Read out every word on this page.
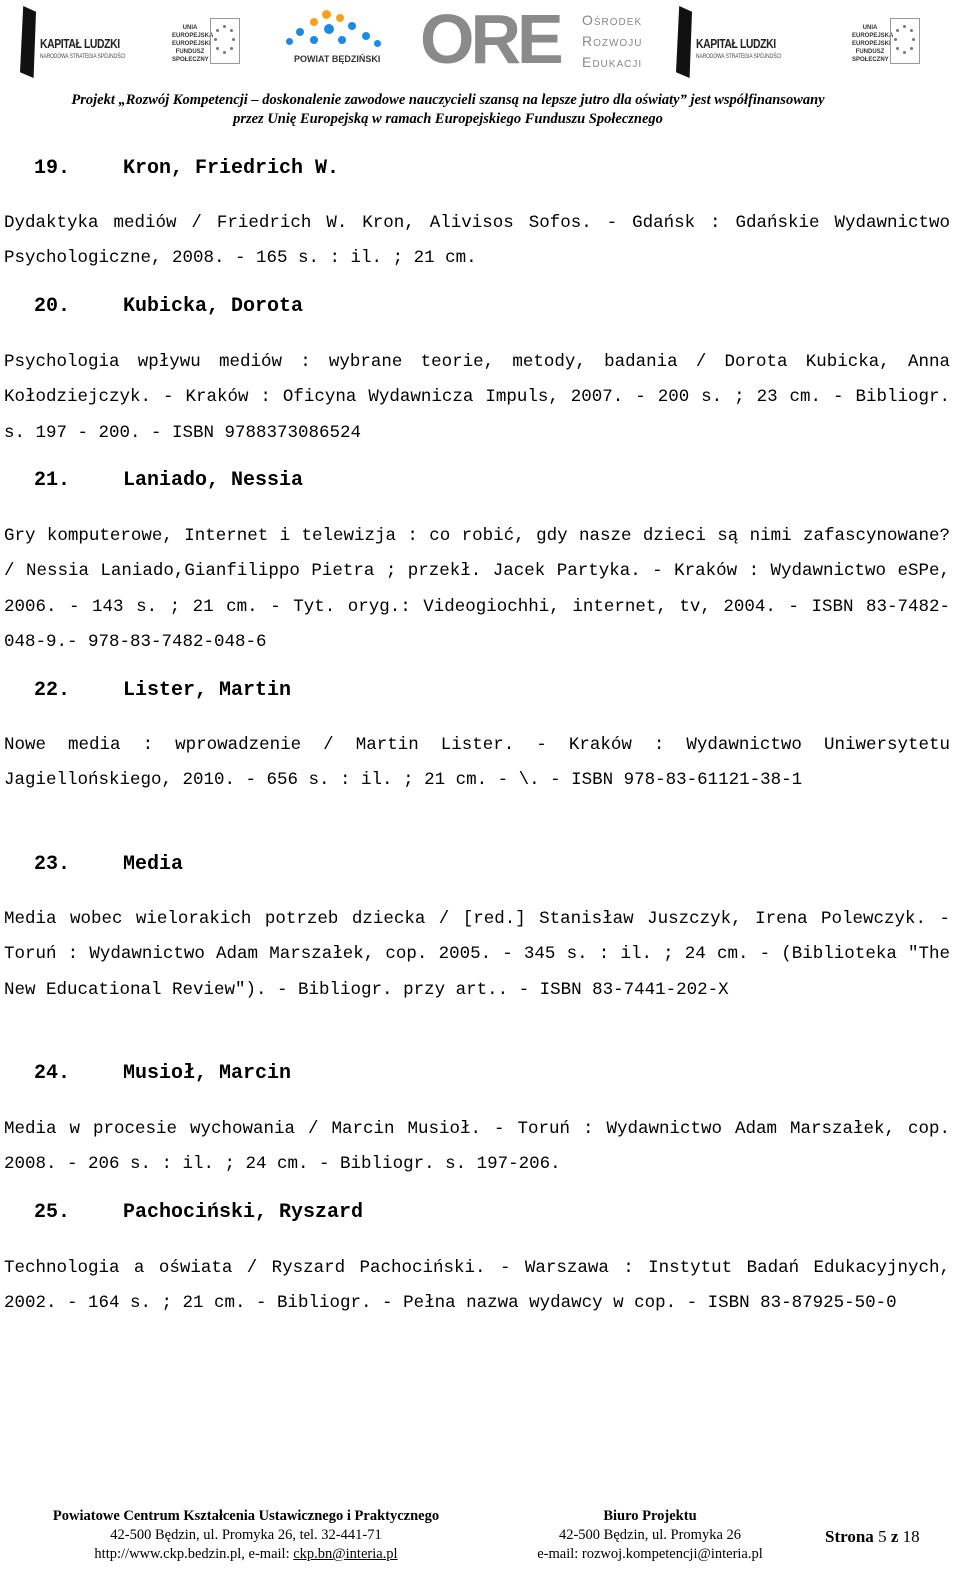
KAPITAŁ LUDZKI
NARODOWA STRATEGIA SPÓJNOŚCI
UNIA EUROPEJSKA EUROPEJSKI FUNDUSZ SPOŁECZNY	POWIAT BĘDZIŃSKI ORE Ośrodek
Rozwoju
Edukacji
KAPITAŁ LUDZKI
NARODOWA STRATEGIA SPÓJNOŚCI
UNIA EUROPEJSKA EUROPEJSKI FUNDUSZ SPOŁECZNY
Projekt „Rozwój Kompetencji – doskonalenie zawodowe nauczycieli szansą na lepsze jutro dla oświaty” jest współfinansowany
przez Unię Europejską w ramach Europejskiego Funduszu Społecznego
19.	Kron, Friedrich W.
Dydaktyka mediów / Friedrich W. Kron, Alivisos Sofos. - Gdańsk : Gdańskie Wydawnictwo Psychologiczne, 2008. - 165 s. : il. ; 21 cm.
20.	Kubicka, Dorota
Psychologia wpływu mediów : wybrane teorie, metody, badania / Dorota Kubicka, Anna Kołodziejczyk. - Kraków : Oficyna Wydawnicza Impuls, 2007. - 200 s. ; 23 cm. - Bibliogr. s. 197 - 200. - ISBN 9788373086524
21.	Laniado, Nessia
Gry komputerowe, Internet i telewizja : co robić, gdy nasze dzieci są nimi zafascynowane? / Nessia Laniado,Gianfilippo Pietra ; przekł. Jacek Partyka. - Kraków : Wydawnictwo eSPe, 2006. - 143 s. ; 21 cm. - Tyt. oryg.: Videogiochhi, internet, tv, 2004. - ISBN 83-7482-048-9.- 978-83-7482-048-6
22.	Lister, Martin
Nowe media : wprowadzenie / Martin Lister. - Kraków : Wydawnictwo Uniwersytetu Jagiellońskiego, 2010. - 656 s. : il. ; 21 cm. - \. - ISBN 978-83-61121-38-1
23.	Media
Media wobec wielorakich potrzeb dziecka / [red.] Stanisław Juszczyk, Irena Polewczyk. - Toruń : Wydawnictwo Adam Marszałek, cop. 2005. - 345 s. : il. ; 24 cm. - (Biblioteka "The New Educational Review"). - Bibliogr. przy art.. - ISBN 83-7441-202-X
24.	Musioł, Marcin
Media w procesie wychowania / Marcin Musioł. - Toruń : Wydawnictwo Adam Marszałek, cop. 2008. - 206 s. : il. ; 24 cm. - Bibliogr. s. 197-206.
25.	Pachociński, Ryszard
Technologia a oświata / Ryszard Pachociński. - Warszawa : Instytut Badań Edukacyjnych, 2002. - 164 s. ; 21 cm. - Bibliogr. - Pełna nazwa wydawcy w cop. - ISBN 83-87925-50-0
Powiatowe Centrum Kształcenia Ustawicznego i Praktycznego
42-500 Będzin, ul. Promyka 26, tel. 32-441-71
http://www.ckp.bedzin.pl, e-mail: ckp.bn@interia.pl
Biuro Projektu
42-500 Będzin, ul. Promyka 26
e-mail: rozwoj.kompetencji@interia.pl
Strona 5 z 18
